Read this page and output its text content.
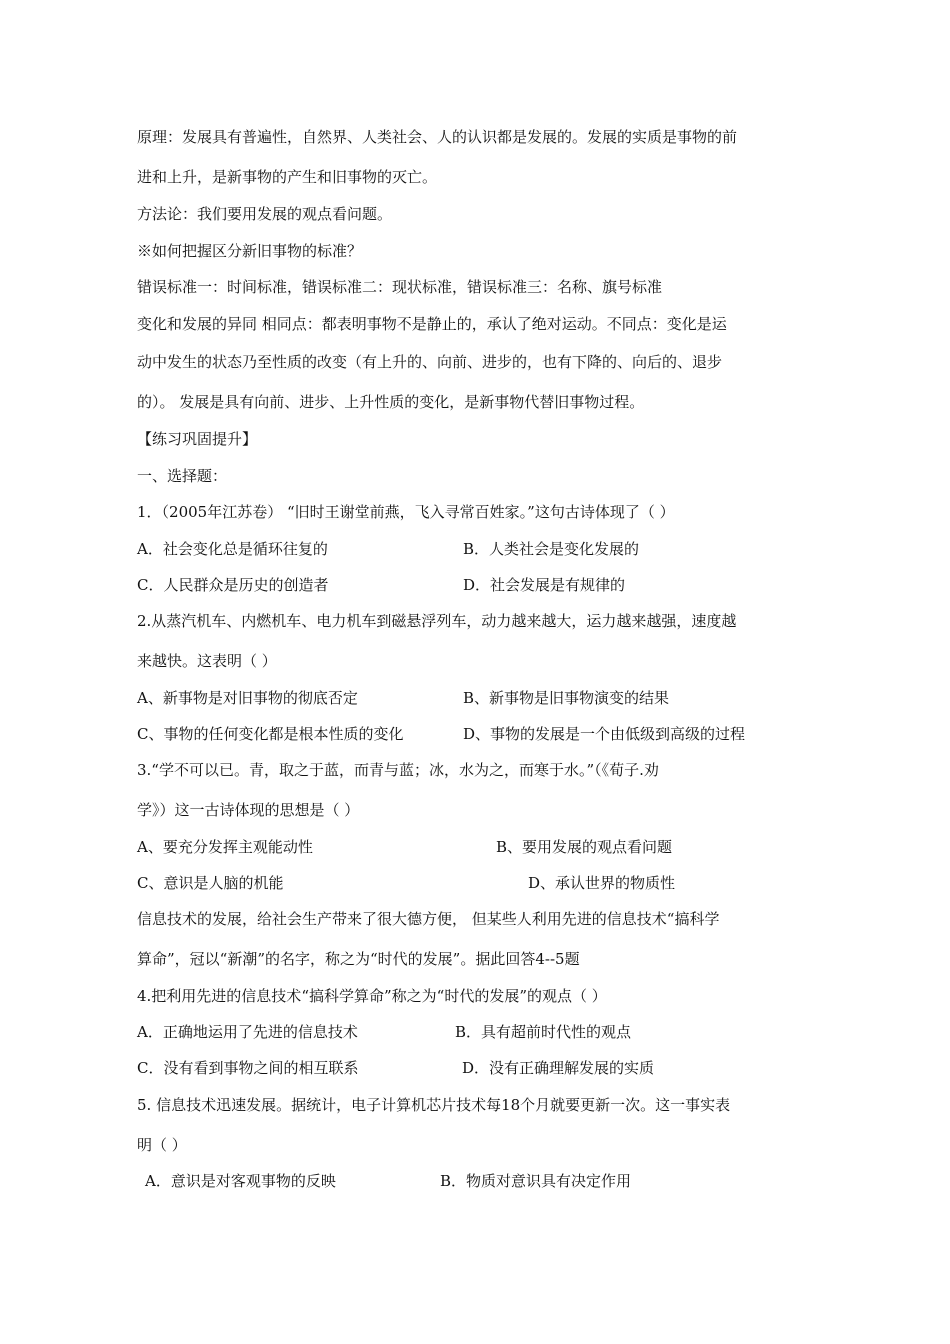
原理：发展具有普遍性，自然界、人类社会、人的认识都是发展的。发展的实质是事物的前
进和上升，是新事物的产生和旧事物的灭亡。
方法论：我们要用发展的观点看问题。
※如何把握区分新旧事物的标准？
错误标准一：时间标准，错误标准二：现状标准，错误标准三：名称、旗号标准
变化和发展的异同 相同点：都表明事物不是静止的，承认了绝对运动。不同点：变化是运
动中发生的状态乃至性质的改变（有上升的、向前、进步的，也有下降的、向后的、退步
的）。 发展是具有向前、进步、上升性质的变化，是新事物代替旧事物过程。
【练习巩固提升】
一、选择题：
1．（2005年江苏卷） “旧时王谢堂前燕，飞入寻常百姓家。”这句古诗体现了（ ）
A．社会变化总是循环往复的	B．人类社会是变化发展的
C．人民群众是历史的创造者	D．社会发展是有规律的
2.从蒸汽机车、内燃机车、电力机车到磁悬浮列车，动力越来越大，运力越来越强，速度越
来越快。这表明（ ）
A、新事物是对旧事物的彻底否定	B、新事物是旧事物演变的结果
C、事物的任何变化都是根本性质的变化	D、事物的发展是一个由低级到高级的过程
3.“学不可以已。青，取之于蓝，而青与蓝；冰，水为之，而寒于水。”（《荀子.劝
学》）这一古诗体现的思想是（ ）
A、要充分发挥主观能动性	B、要用发展的观点看问题
C、意识是人脑的机能	D、承认世界的物质性
信息技术的发展，给社会生产带来了很大德方便， 但某些人利用先进的信息技术“搞科学
算命”，冠以“新潮”的名字，称之为“时代的发展”。据此回答4--5题
4.把利用先进的信息技术“搞科学算命”称之为“时代的发展”的观点（ ）
A．正确地运用了先进的信息技术	B．具有超前时代性的观点
C．没有看到事物之间的相互联系	D．没有正确理解发展的实质
5. 信息技术迅速发展。据统计，电子计算机芯片技术每18个月就要更新一次。这一事实表
明（ ）
A．意识是对客观事物的反映	B．物质对意识具有决定作用
